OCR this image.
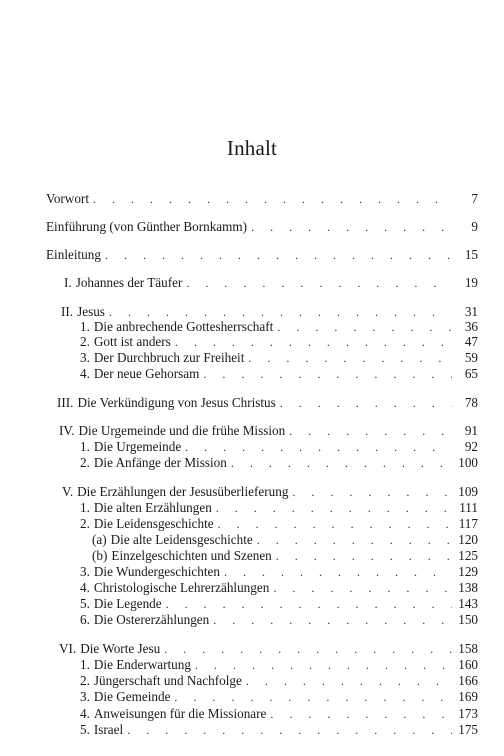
Inhalt
Vorwort . . .	7
Einführung (von Günther Bornkamm) . . .	9
Einleitung . . .	15
I. Johannes der Täufer . . .	19
II. Jesus . . .	31
1. Die anbrechende Gottesherrschaft . . .	36
2. Gott ist anders . . .	47
3. Der Durchbruch zur Freiheit . . .	59
4. Der neue Gehorsam . . .	65
III. Die Verkündigung von Jesus Christus . . .	78
IV. Die Urgemeinde und die frühe Mission . . .	91
1. Die Urgemeinde . . .	92
2. Die Anfänge der Mission . . .	100
V. Die Erzählungen der Jesusüberlieferung . . .	109
1. Die alten Erzählungen . . .	111
2. Die Leidensgeschichte . . .	117
(a) Die alte Leidensgeschichte . . .	120
(b) Einzelgeschichten und Szenen . . .	125
3. Die Wundergeschichten . . .	129
4. Christologische Lehrerzählungen . . .	138
5. Die Legende . . .	143
6. Die Ostererzählungen . . .	150
VI. Die Worte Jesu . . .	158
1. Die Enderwartung . . .	160
2. Jüngerschaft und Nachfolge . . .	166
3. Die Gemeinde . . .	169
4. Anweisungen für die Missionare . . .	173
5. Israel . . .	175
